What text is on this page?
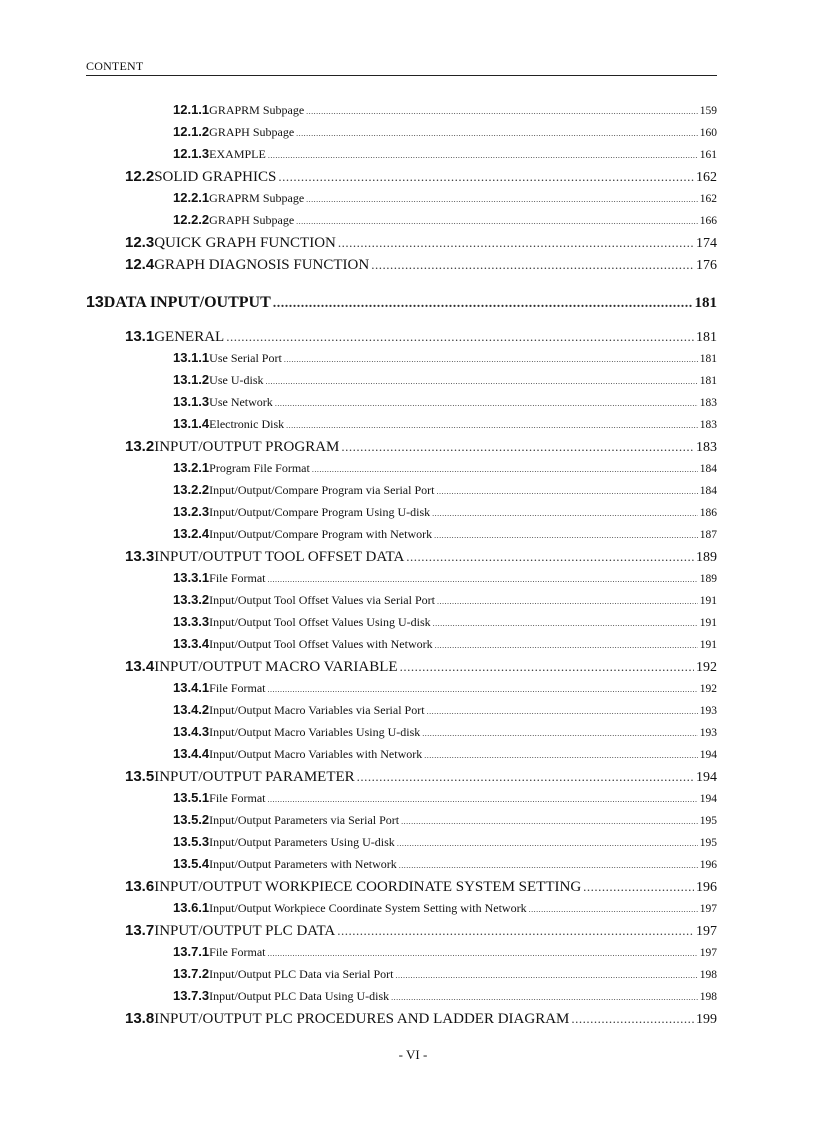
CONTENT
12.1.1 GRAPRM Subpage .....	159
12.1.2 GRAPH Subpage .....	160
12.1.3 EXAMPLE .....	161
12.2 SOLID GRAPHICS .....	162
12.2.1 GRAPRM Subpage .....	162
12.2.2 GRAPH Subpage .....	166
12.3 QUICK GRAPH FUNCTION .....	174
12.4 GRAPH DIAGNOSIS FUNCTION .....	176
13 DATA INPUT/OUTPUT .....	181
13.1 GENERAL .....	181
13.1.1 Use Serial Port .....	181
13.1.2 Use U-disk .....	181
13.1.3 Use Network .....	183
13.1.4 Electronic Disk .....	183
13.2 INPUT/OUTPUT PROGRAM .....	183
13.2.1 Program File Format .....	184
13.2.2 Input/Output/Compare Program via Serial Port .....	184
13.2.3 Input/Output/Compare Program Using U-disk .....	186
13.2.4 Input/Output/Compare Program with Network .....	187
13.3 INPUT/OUTPUT TOOL OFFSET DATA .....	189
13.3.1 File Format .....	189
13.3.2 Input/Output Tool Offset Values via Serial Port .....	191
13.3.3 Input/Output Tool Offset Values Using U-disk .....	191
13.3.4 Input/Output Tool Offset Values with Network .....	191
13.4 INPUT/OUTPUT MACRO VARIABLE .....	192
13.4.1 File Format .....	192
13.4.2 Input/Output Macro Variables via Serial Port .....	193
13.4.3 Input/Output Macro Variables Using U-disk .....	193
13.4.4 Input/Output Macro Variables with Network .....	194
13.5 INPUT/OUTPUT PARAMETER .....	194
13.5.1 File Format .....	194
13.5.2 Input/Output Parameters via Serial Port .....	195
13.5.3 Input/Output Parameters Using U-disk .....	195
13.5.4 Input/Output Parameters with Network .....	196
13.6 INPUT/OUTPUT WORKPIECE COORDINATE SYSTEM SETTING .....	196
13.6.1 Input/Output Workpiece Coordinate System Setting with Network .....	197
13.7 INPUT/OUTPUT PLC DATA .....	197
13.7.1 File Format .....	197
13.7.2 Input/Output PLC Data via Serial Port .....	198
13.7.3 Input/Output PLC Data Using U-disk .....	198
13.8 INPUT/OUTPUT PLC PROCEDURES AND LADDER DIAGRAM .....	199
- VI -
